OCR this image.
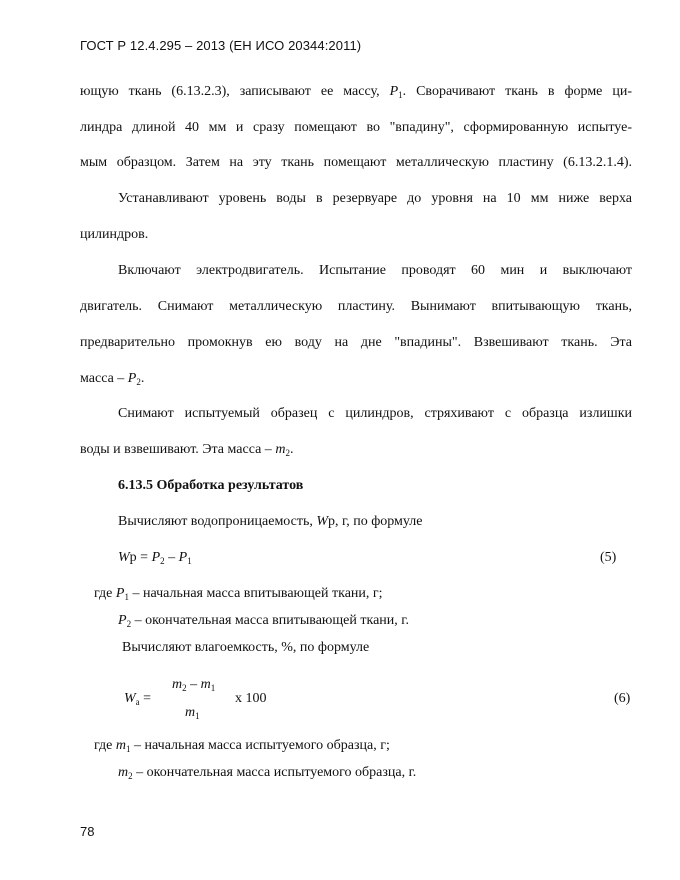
ГОСТ Р 12.4.295 – 2013 (ЕН ИСО 20344:2011)
ющую ткань (6.13.2.3), записывают ее массу, $P_1$. Сворачивают ткань в форме ци-
линдра длиной 40 мм и сразу помещают во "впадину", сформированную испытуе-
мым образцом. Затем на эту ткань помещают металлическую пластину (6.13.2.1.4).
Устанавливают уровень воды в резервуаре до уровня на 10 мм ниже верха
цилиндров.
Включают электродвигатель. Испытание проводят 60 мин и выключают
двигатель. Снимают металлическую пластину. Вынимают впитывающую ткань,
предварительно промокнув ею воду на дне "впадины". Взвешивают ткань. Эта
масса – $P_2$.
Снимают испытуемый образец с цилиндров, стряхивают с образца излишки
воды и взвешивают. Эта масса – $m_2$.
6.13.5 Обработка результатов
Вычисляют водопроницаемость, Wр, г, по формуле
Wр = $P_2 - P_1$	(5)
где $P_1$ – начальная масса впитывающей ткани, г;
$P_2$ – окончательная масса впитывающей ткани, г.
Вычисляют влагоемкость, %, по формуле
$W_a$ =
$m_2 - m_1$
$m_1$
x 100	(6)
где $m_1$ – начальная масса испытуемого образца, г;
$m_2$ – окончательная масса испытуемого образца, г.
78
